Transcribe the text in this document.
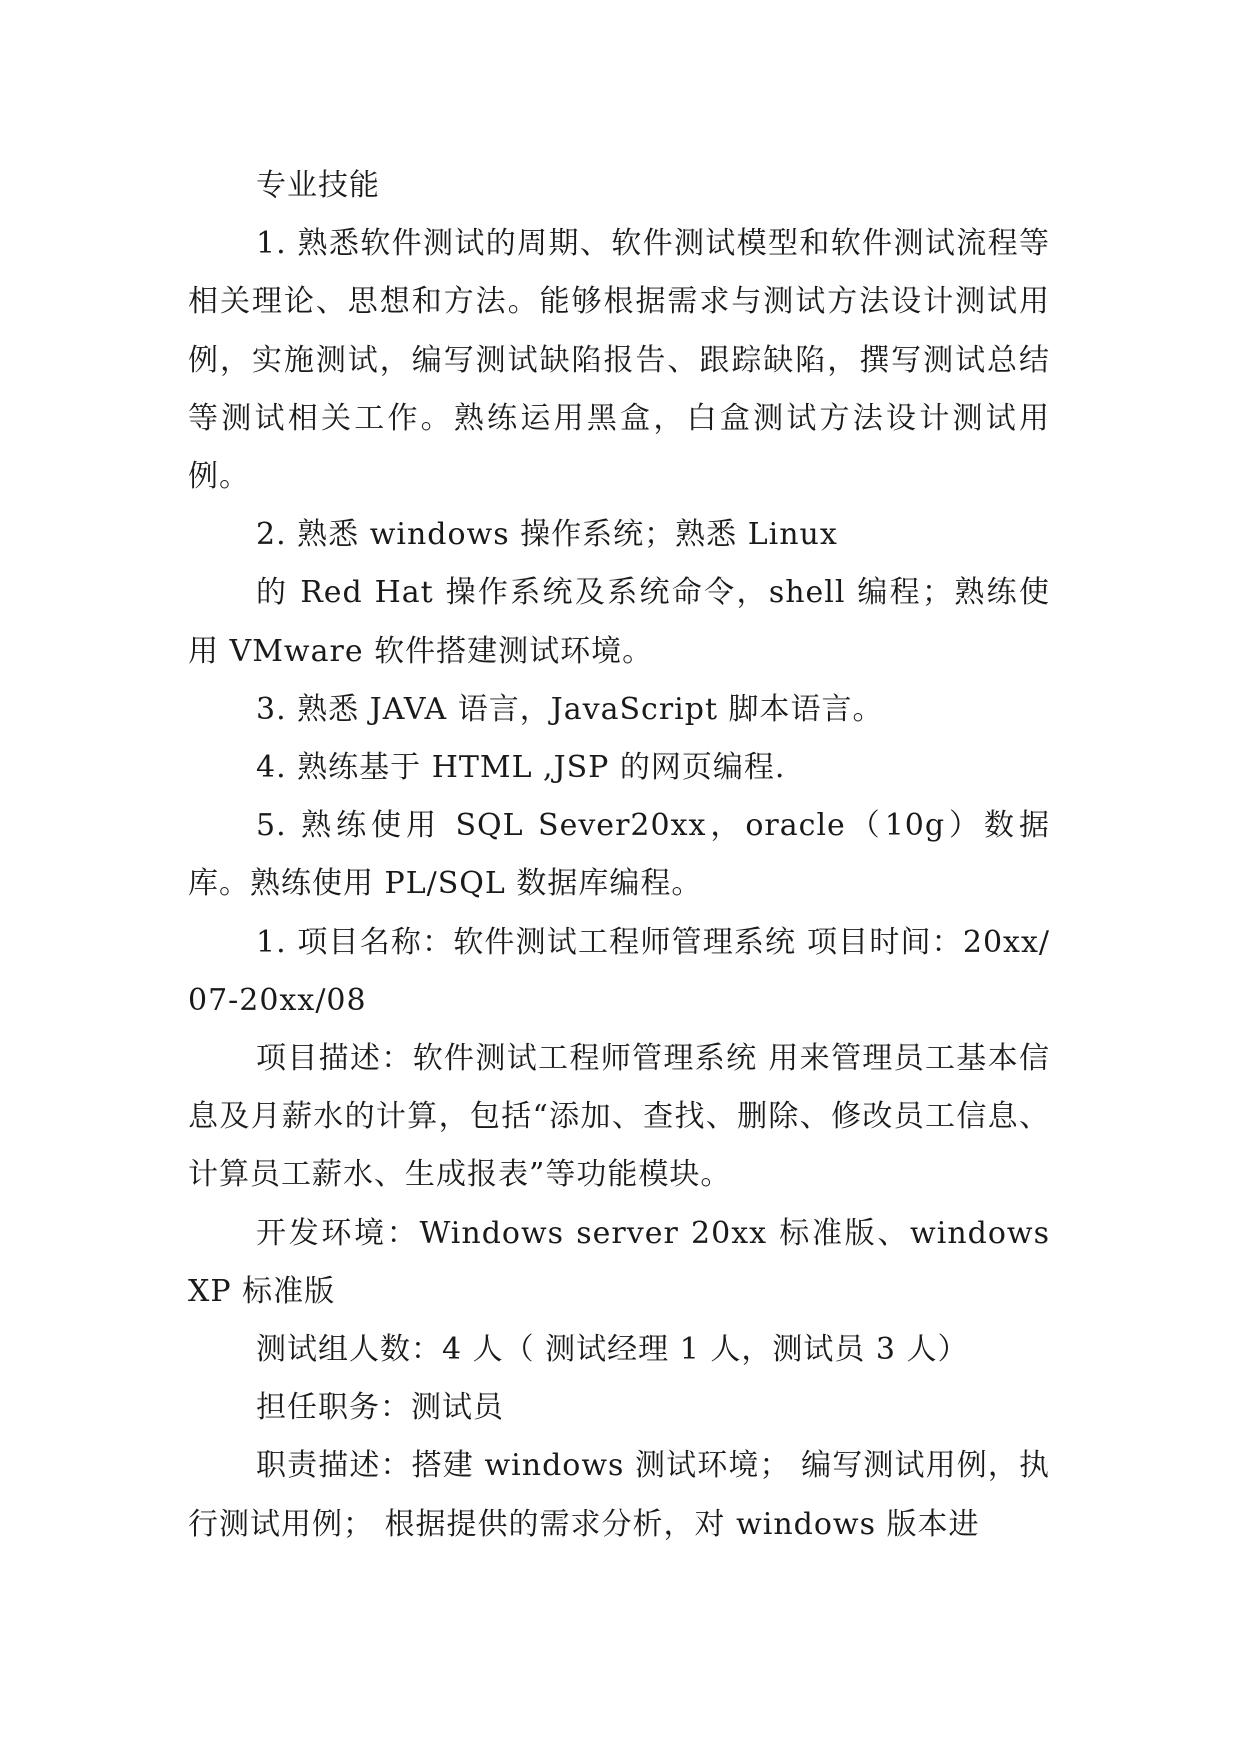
专业技能

1. 熟悉软件测试的周期、软件测试模型和软件测试流程等相关理论、思想和方法。能够根据需求与测试方法设计测试用例，实施测试，编写测试缺陷报告、跟踪缺陷，撰写测试总结等测试相关工作。熟练运用黑盒，白盒测试方法设计测试用例。

2. 熟悉 windows 操作系统；熟悉 Linux

的 Red Hat 操作系统及系统命令，shell 编程；熟练使用 VMware 软件搭建测试环境。

3. 熟悉 JAVA 语言，JavaScript 脚本语言。

4. 熟练基于 HTML ,JSP 的网页编程.

5. 熟练使用 SQL Sever20xx，oracle（10g）数据库。熟练使用 PL/SQL 数据库编程。

1. 项目名称：软件测试工程师管理系统 项目时间：20xx/07-20xx/08

项目描述：软件测试工程师管理系统 用来管理员工基本信息及月薪水的计算，包括“添加、查找、删除、修改员工信息、计算员工薪水、生成报表”等功能模块。

开发环境：Windows server 20xx 标准版、windows XP 标准版

测试组人数：4 人（ 测试经理 1 人，测试员 3 人）

担任职务：测试员

职责描述：搭建 windows 测试环境； 编写测试用例，执行测试用例； 根据提供的需求分析，对 windows 版本进
